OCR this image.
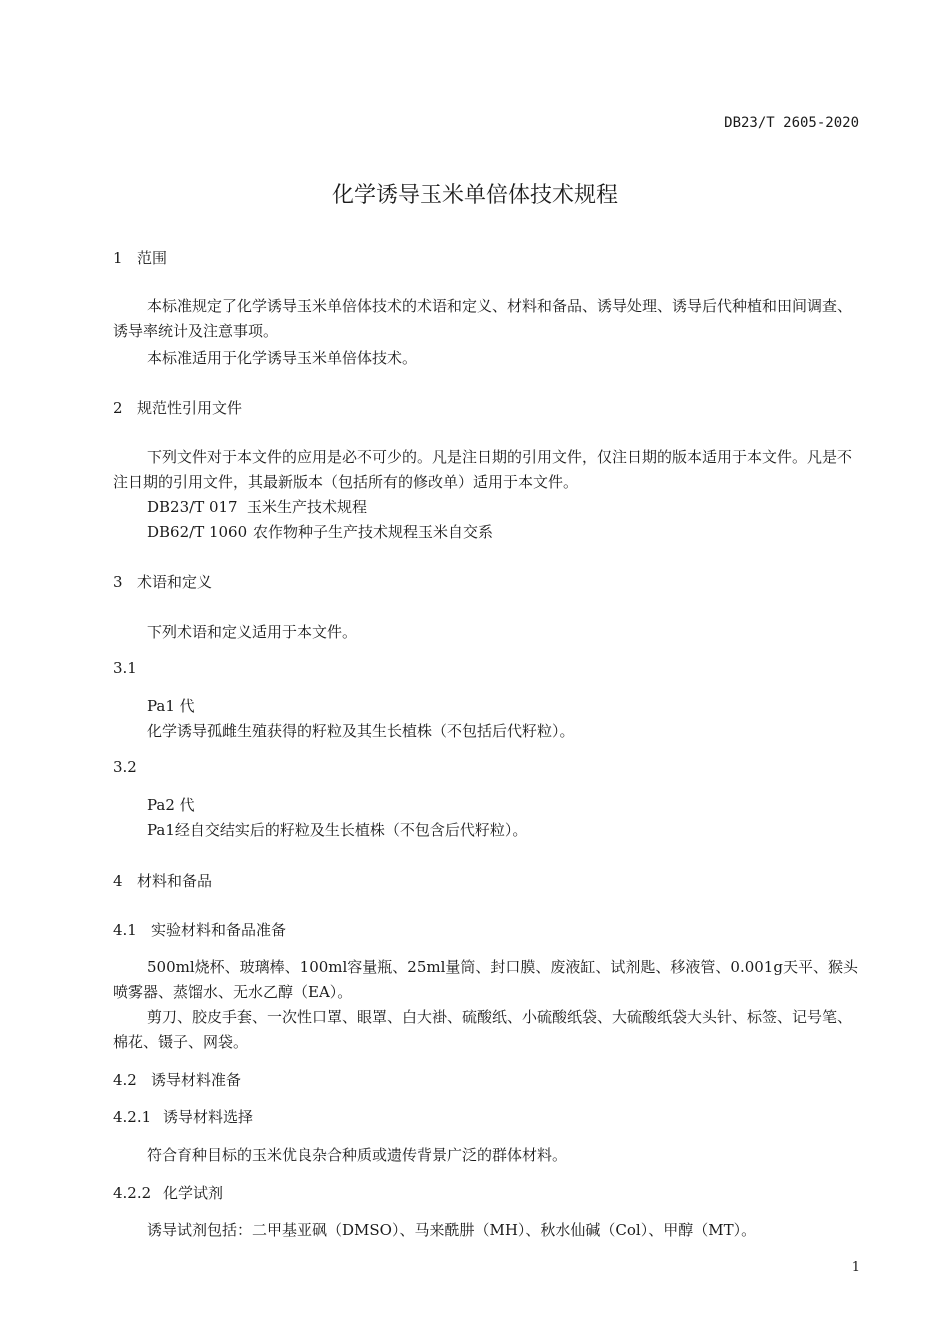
DB23/T 2605-2020
化学诱导玉米单倍体技术规程
1 范围
本标准规定了化学诱导玉米单倍体技术的术语和定义、材料和备品、诱导处理、诱导后代种植和田间调查、诱导率统计及注意事项。
本标准适用于化学诱导玉米单倍体技术。
2 规范性引用文件
下列文件对于本文件的应用是必不可少的。凡是注日期的引用文件，仅注日期的版本适用于本文件。凡是不注日期的引用文件，其最新版本（包括所有的修改单）适用于本文件。
DB23/T 017 玉米生产技术规程
DB62/T 1060 农作物种子生产技术规程玉米自交系
3 术语和定义
下列术语和定义适用于本文件。
3.1
Pa1 代
化学诱导孤雌生殖获得的籽粒及其生长植株（不包括后代籽粒）。
3.2
Pa2 代
Pa1经自交结实后的籽粒及生长植株（不包含后代籽粒）。
4 材料和备品
4.1 实验材料和备品准备
500ml烧杯、玻璃棒、100ml容量瓶、25ml量筒、封口膜、废液缸、试剂匙、移液管、0.001g天平、猴头喷雾器、蒸馏水、无水乙醇（EA）。
剪刀、胶皮手套、一次性口罩、眼罩、白大褂、硫酸纸、小硫酸纸袋、大硫酸纸袋大头针、标签、记号笔、棉花、镊子、网袋。
4.2 诱导材料准备
4.2.1 诱导材料选择
符合育种目标的玉米优良杂合种质或遗传背景广泛的群体材料。
4.2.2 化学试剂
诱导试剂包括：二甲基亚砜（DMSO）、马来酰肼（MH）、秋水仙碱（Col）、甲醇（MT）。
1
